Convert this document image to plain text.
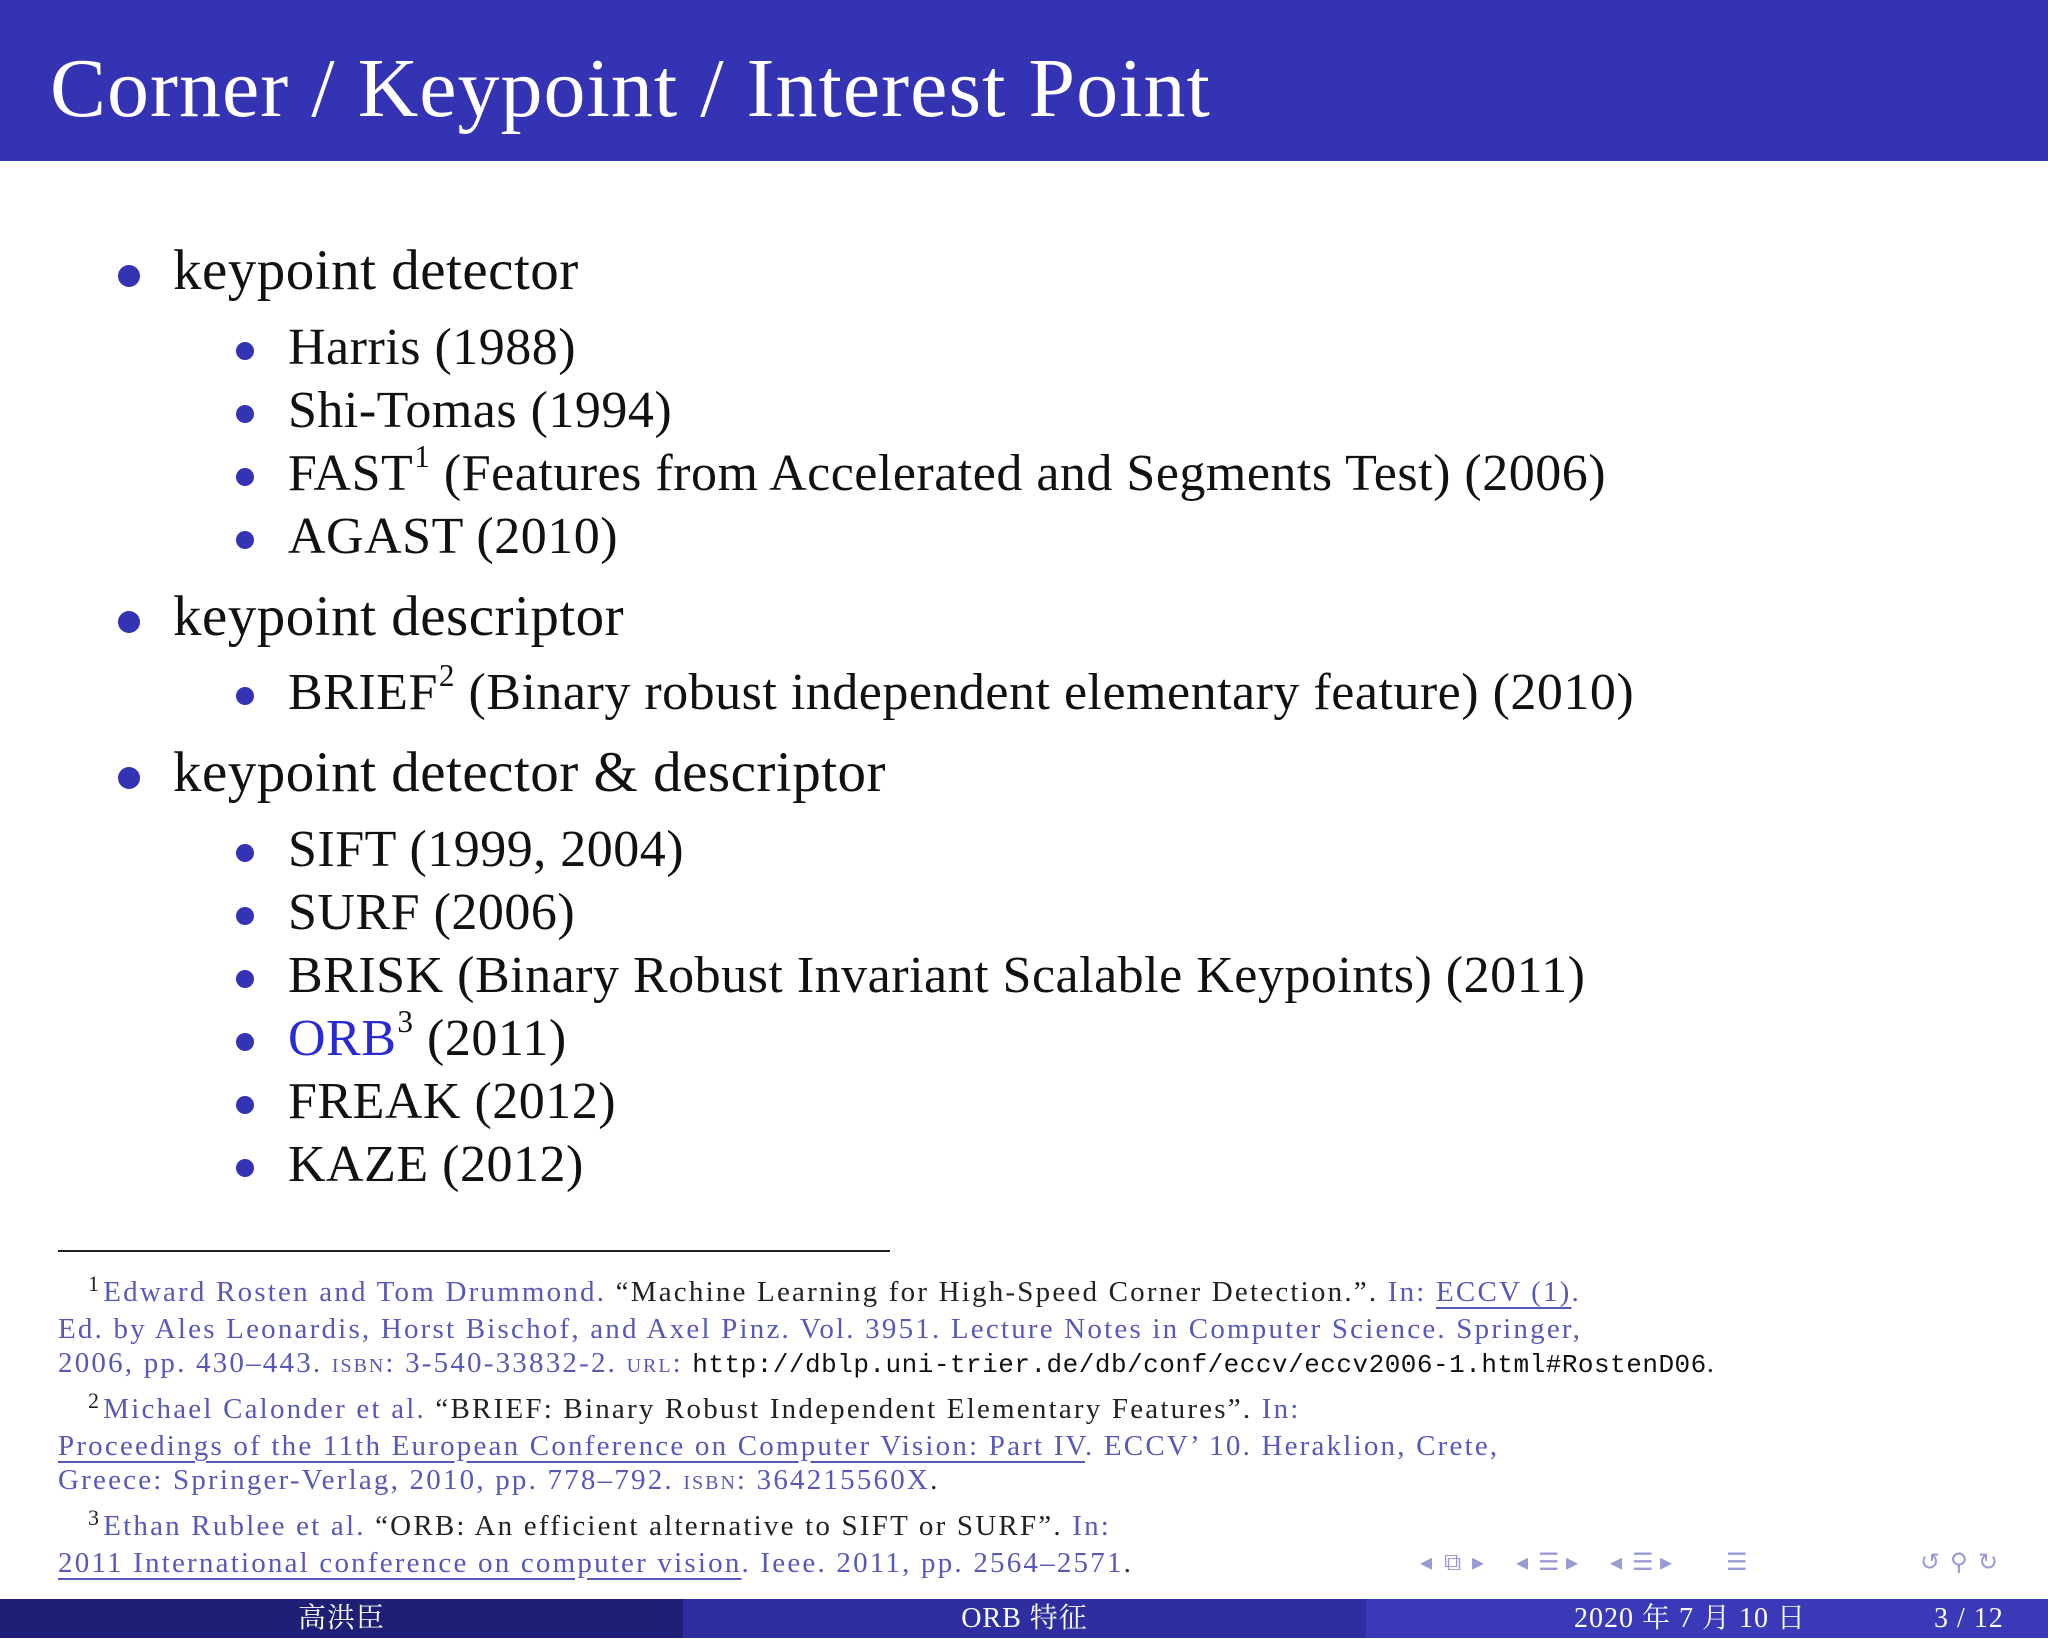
Corner / Keypoint / Interest Point
keypoint detector
Harris (1988)
Shi-Tomas (1994)
FAST$^1$ (Features from Accelerated and Segments Test) (2006)
AGAST (2010)
keypoint descriptor
BRIEF$^2$ (Binary robust independent elementary feature) (2010)
keypoint detector & descriptor
SIFT (1999, 2004)
SURF (2006)
BRISK (Binary Robust Invariant Scalable Keypoints) (2011)
ORB$^3$ (2011)
FREAK (2012)
KAZE (2012)
$^1$Edward Rosten and Tom Drummond. “Machine Learning for High-Speed Corner Detection.”. In: ECCV (1).
Ed. by Ales Leonardis, Horst Bischof, and Axel Pinz. Vol. 3951. Lecture Notes in Computer Science. Springer,
2006, pp. 430–443. ISBN: 3-540-33832-2. URL: http://dblp.uni-trier.de/db/conf/eccv/eccv2006-1.html#RostenD06.
$^2$Michael Calonder et al. “BRIEF: Binary Robust Independent Elementary Features”. In:
Proceedings of the 11th European Conference on Computer Vision: Part IV. ECCV’ 10. Heraklion, Crete,
Greece: Springer-Verlag, 2010, pp. 778–792. ISBN: 364215560X.
$^3$Ethan Rublee et al. “ORB: An efficient alternative to SIFT or SURF”. In:
2011 International conference on computer vision. Ieee. 2011, pp. 2564–2571.	◂ ⧉ ▸ ◂ ☰ ▸ ◂ ☰ ▸ ☰	↺ ⚲ ↻
高洪臣	ORB 特征	2020 年 7 月 10 日	3 / 12
